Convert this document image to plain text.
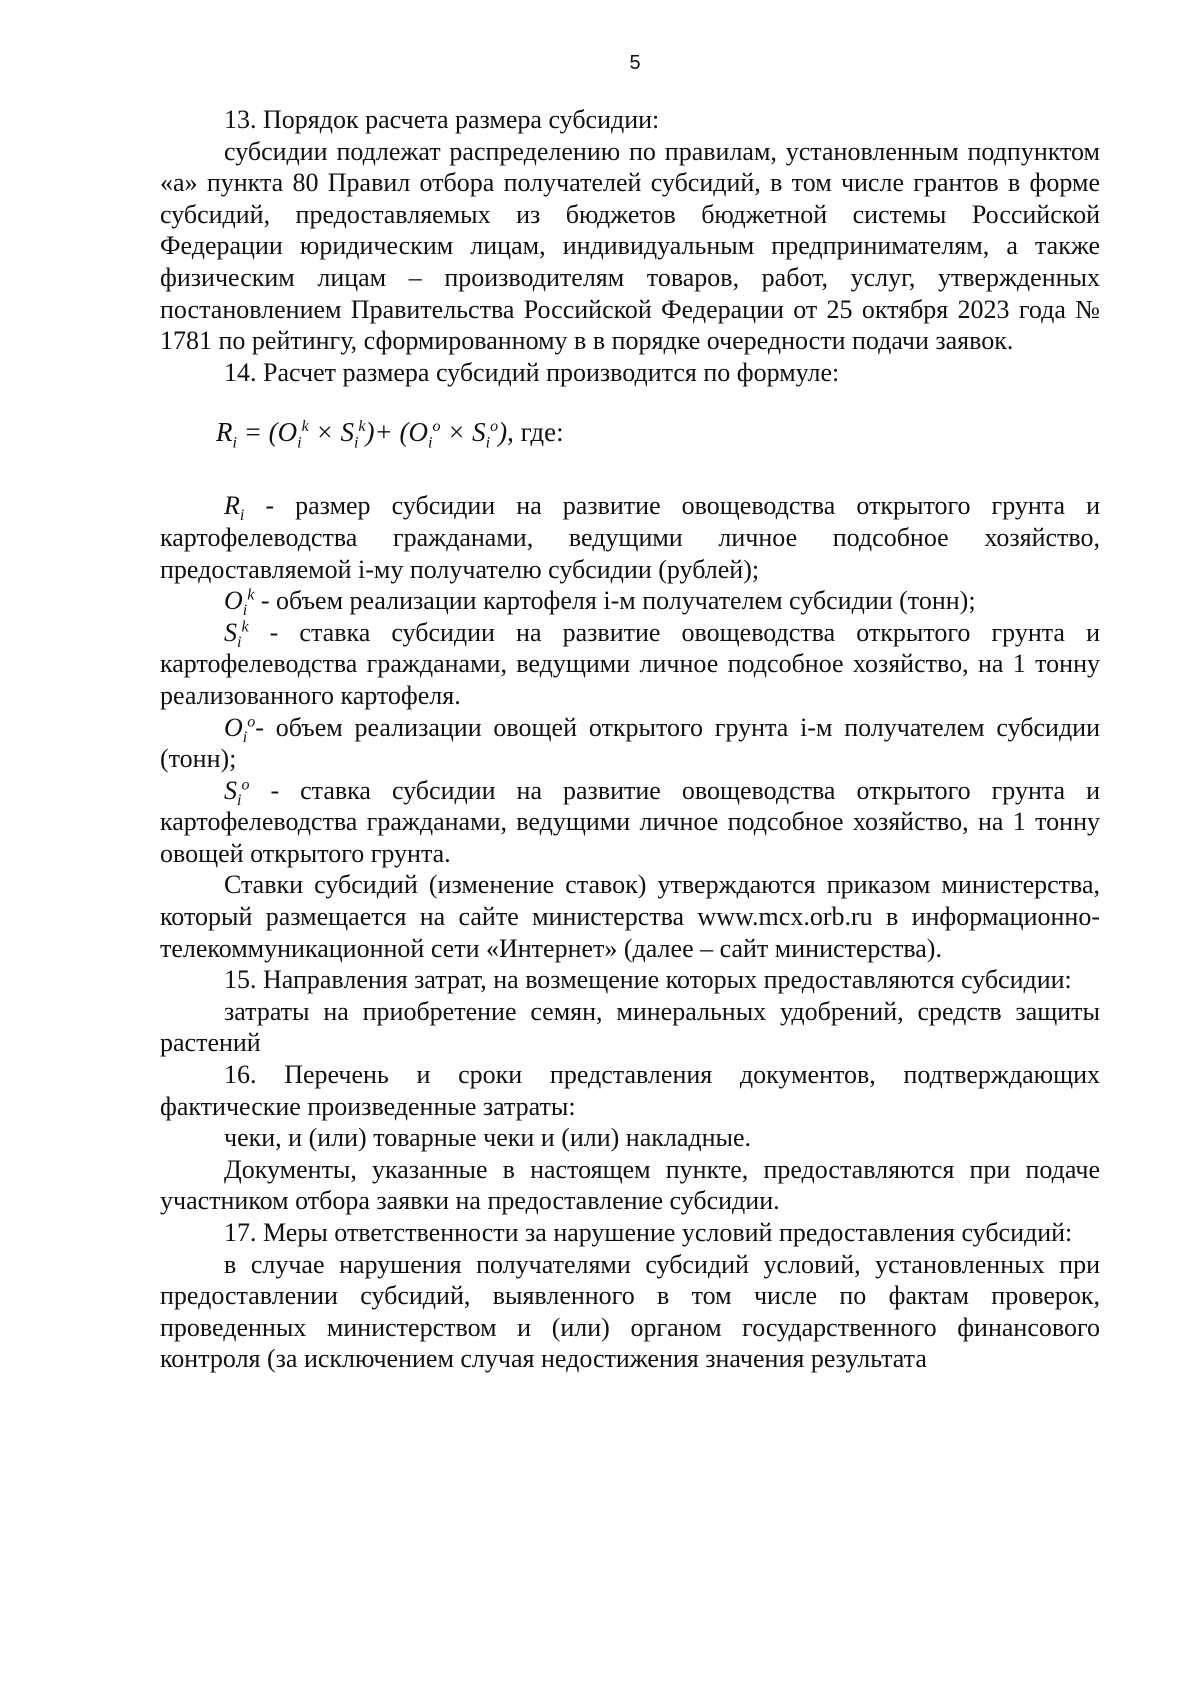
5

13. Порядок расчета размера субсидии:

субсидии подлежат распределению по правилам, установленным подпунктом «а» пункта 80 Правил отбора получателей субсидий, в том числе грантов в форме субсидий, предоставляемых из бюджетов бюджетной системы Российской Федерации юридическим лицам, индивидуальным предпринимателям, а также физическим лицам – производителям товаров, работ, услуг, утвержденных постановлением Правительства Российской Федерации от 25 октября 2023 года № 1781 по рейтингу, сформированному в в порядке очередности подачи заявок.

14. Расчет размера субсидий производится по формуле:

$R_i = (O_i^k \times S_i^k)+ (O_i^o \times S_i^o)$, где:

$R_i$ - размер субсидии на развитие овощеводства открытого грунта и картофелеводства гражданами, ведущими личное подсобное хозяйство, предоставляемой i-му получателю субсидии (рублей);

$O_i^k$ - объем реализации картофеля i-м получателем субсидии (тонн);

$S_i^k$ - ставка субсидии на развитие овощеводства открытого грунта и картофелеводства гражданами, ведущими личное подсобное хозяйство, на 1 тонну реализованного картофеля.

$O_i^o-$ объем реализации овощей открытого грунта i-м получателем субсидии (тонн);

$S_i^o$ - ставка субсидии на развитие овощеводства открытого грунта и картофелеводства гражданами, ведущими личное подсобное хозяйство, на 1 тонну овощей открытого грунта.

Ставки субсидий (изменение ставок) утверждаются приказом министерства, который размещается на сайте министерства www.mcx.orb.ru в информационно-телекоммуникационной сети «Интернет» (далее – сайт министерства).

15. Направления затрат, на возмещение которых предоставляются субсидии:

затраты на приобретение семян, минеральных удобрений, средств защиты растений

16. Перечень и сроки представления документов, подтверждающих фактические произведенные затраты:

чеки, и (или) товарные чеки и (или) накладные.

Документы, указанные в настоящем пункте, предоставляются при подаче участником отбора заявки на предоставление субсидии.

17. Меры ответственности за нарушение условий предоставления субсидий:

в случае нарушения получателями субсидий условий, установленных при предоставлении субсидий, выявленного в том числе по фактам проверок, проведенных министерством и (или) органом государственного финансового контроля (за исключением случая недостижения значения результата
